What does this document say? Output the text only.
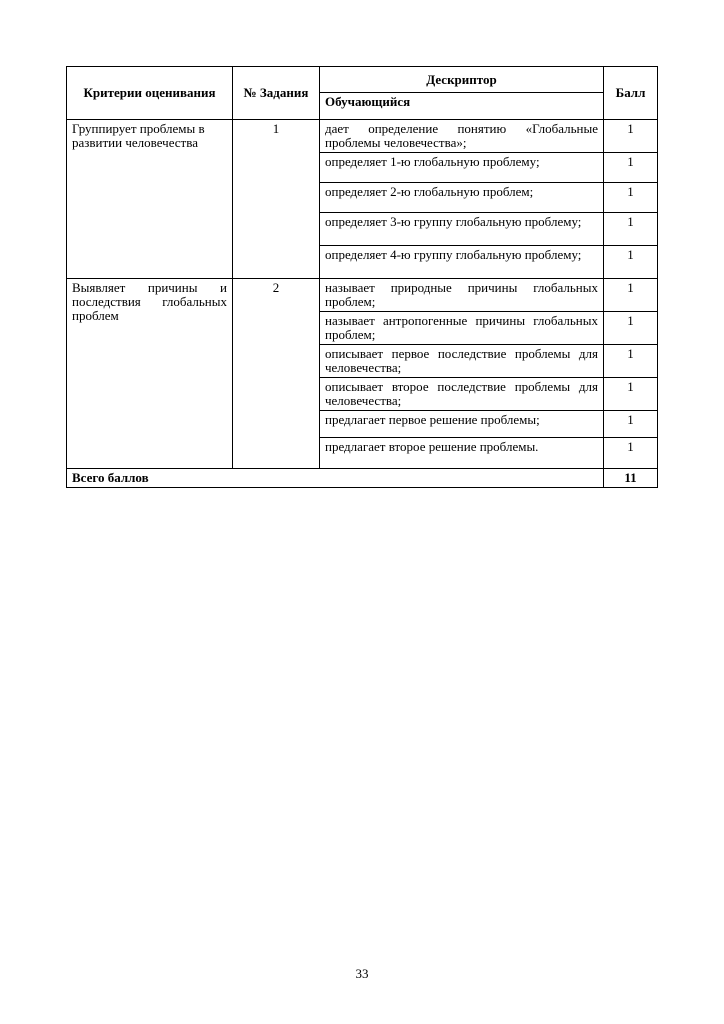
Критерии оценивания	№ Задания	Дескриптор	Балл
		Обучающийся	
Группирует проблемы в развитии человечества	1	дает определение понятию «Глобальные проблемы человечества»;	1
		определяет 1-ю глобальную проблему;	1
		определяет 2-ю глобальную проблем;	1
		определяет 3-ю группу глобальную проблему;	1
		определяет 4-ю группу глобальную проблему;	1
Выявляет причины и последствия глобальных проблем	2	называет природные причины глобальных проблем;	1
		называет антропогенные причины глобальных проблем;	1
		описывает первое последствие проблемы для человечества;	1
		описывает второе последствие проблемы для человечества;	1
		предлагает первое решение проблемы;	1
		предлагает второе решение проблемы.	1
Всего баллов			11
33
